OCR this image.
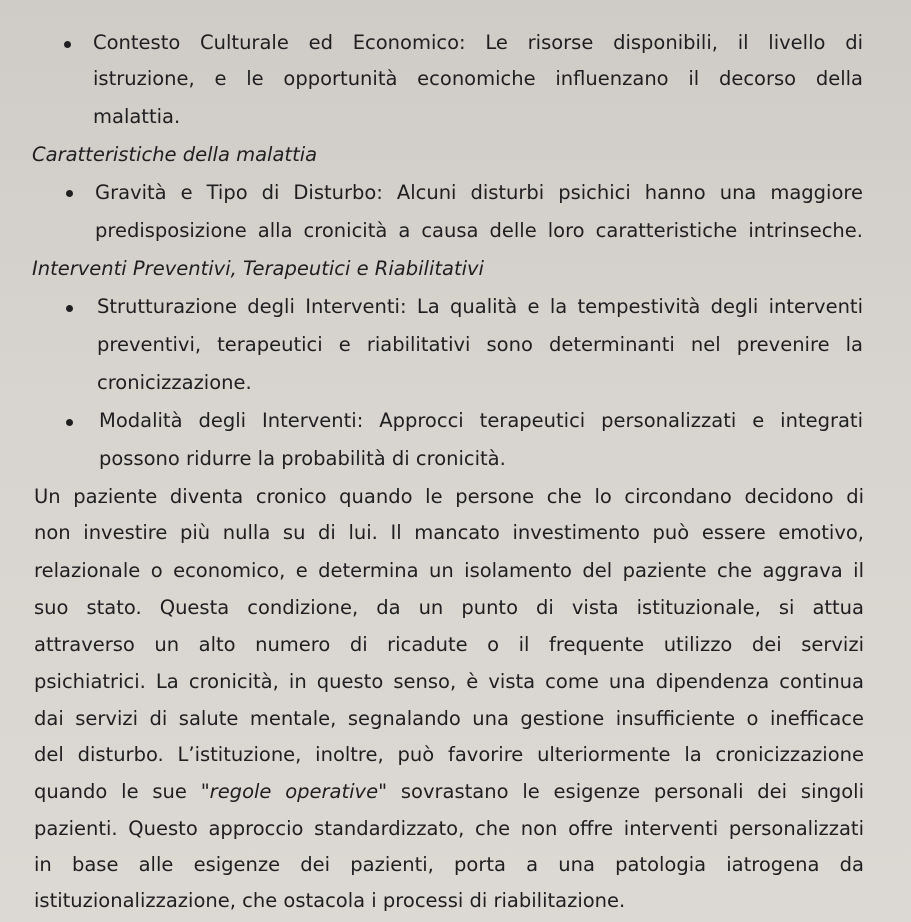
Contesto Culturale ed Economico: Le risorse disponibili, il livello di
istruzione, e le opportunità economiche influenzano il decorso della
malattia.
Caratteristiche della malattia
Gravità e Tipo di Disturbo: Alcuni disturbi psichici hanno una maggiore
predisposizione alla cronicità a causa delle loro caratteristiche intrinseche.
Interventi Preventivi, Terapeutici e Riabilitativi
Strutturazione degli Interventi: La qualità e la tempestività degli interventi
preventivi, terapeutici e riabilitativi sono determinanti nel prevenire la
cronicizzazione.
Modalità degli Interventi: Approcci terapeutici personalizzati e integrati
possono ridurre la probabilità di cronicità.
Un paziente diventa cronico quando le persone che lo circondano decidono di
non investire più nulla su di lui. Il mancato investimento può essere emotivo,
relazionale o economico, e determina un isolamento del paziente che aggrava il
suo stato. Questa condizione, da un punto di vista istituzionale, si attua
attraverso un alto numero di ricadute o il frequente utilizzo dei servizi
psichiatrici. La cronicità, in questo senso, è vista come una dipendenza continua
dai servizi di salute mentale, segnalando una gestione insufficiente o inefficace
del disturbo. L’istituzione, inoltre, può favorire ulteriormente la cronicizzazione
quando le sue "regole operative" sovrastano le esigenze personali dei singoli
pazienti. Questo approccio standardizzato, che non offre interventi personalizzati
in base alle esigenze dei pazienti, porta a una patologia iatrogena da
istituzionalizzazione, che ostacola i processi di riabilitazione.
